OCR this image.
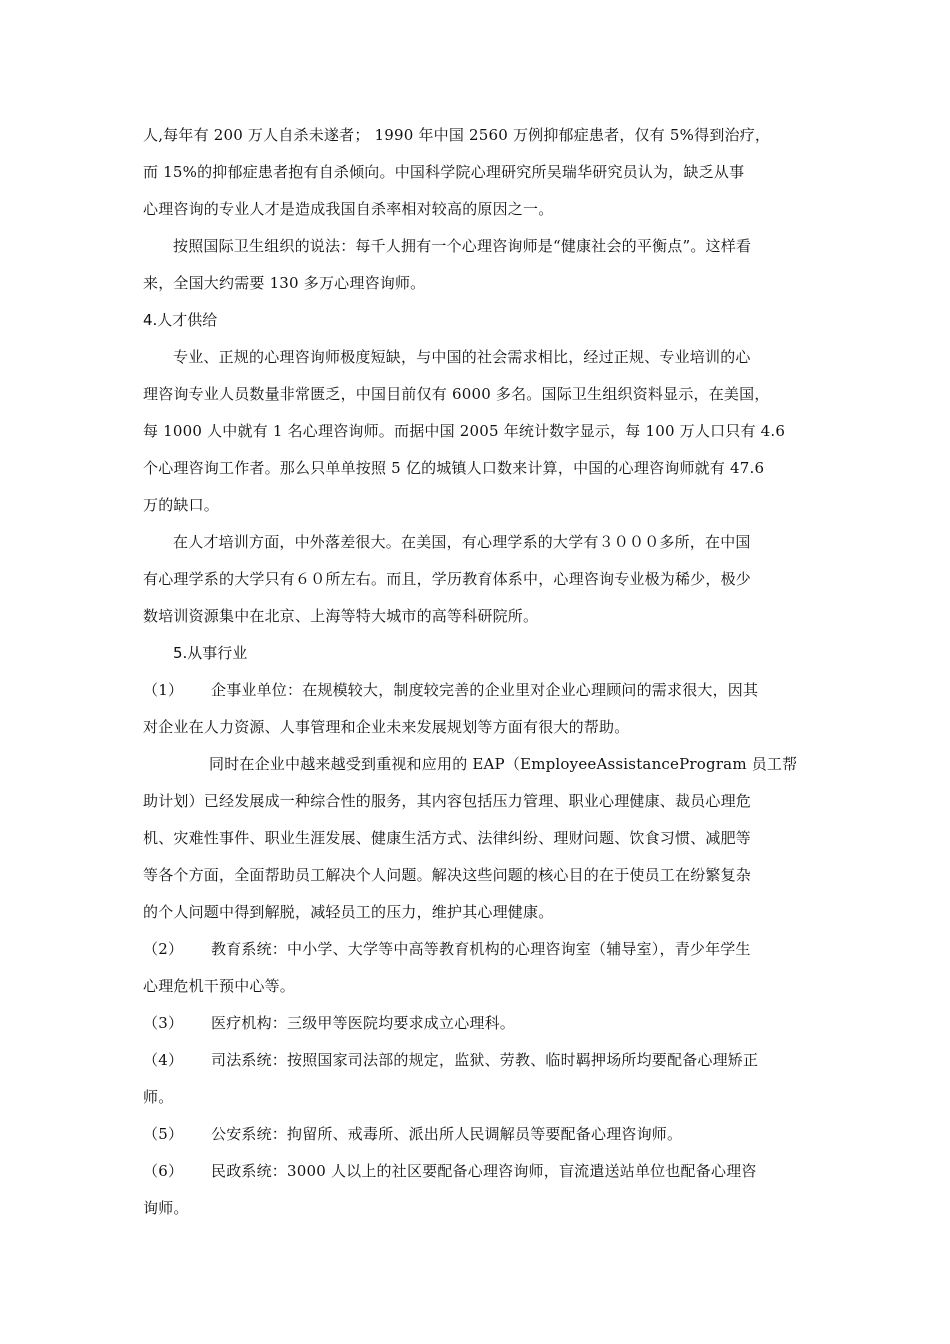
人,每年有 200 万人自杀未遂者； 1990 年中国 2560 万例抑郁症患者，仅有 5%得到治疗，
而 15%的抑郁症患者抱有自杀倾向。中国科学院心理研究所吴瑞华研究员认为，缺乏从事
心理咨询的专业人才是造成我国自杀率相对较高的原因之一。
按照国际卫生组织的说法：每千人拥有一个心理咨询师是“健康社会的平衡点”。这样看
来，全国大约需要 130 多万心理咨询师。
4.人才供给
专业、正规的心理咨询师极度短缺，与中国的社会需求相比，经过正规、专业培训的心
理咨询专业人员数量非常匮乏，中国目前仅有 6000 多名。国际卫生组织资料显示，在美国，
每 1000 人中就有 1 名心理咨询师。而据中国 2005 年统计数字显示，每 100 万人口只有 4.6
个心理咨询工作者。那么只单单按照 5 亿的城镇人口数来计算，中国的心理咨询师就有 47.6
万的缺口。
在人才培训方面，中外落差很大。在美国，有心理学系的大学有３０００多所，在中国
有心理学系的大学只有６０所左右。而且，学历教育体系中，心理咨询专业极为稀少，极少
数培训资源集中在北京、上海等特大城市的高等科研院所。
5.从事行业
（1）	企事业单位：在规模较大，制度较完善的企业里对企业心理顾问的需求很大，因其
对企业在人力资源、人事管理和企业未来发展规划等方面有很大的帮助。
同时在企业中越来越受到重视和应用的 EAP（EmployeeAssistanceProgram 员工帮
助计划）已经发展成一种综合性的服务，其内容包括压力管理、职业心理健康、裁员心理危
机、灾难性事件、职业生涯发展、健康生活方式、法律纠纷、理财问题、饮食习惯、减肥等
等各个方面，全面帮助员工解决个人问题。解决这些问题的核心目的在于使员工在纷繁复杂
的个人问题中得到解脱，减轻员工的压力，维护其心理健康。
（2）	教育系统：中小学、大学等中高等教育机构的心理咨询室（辅导室），青少年学生
心理危机干预中心等。
（3）	医疗机构：三级甲等医院均要求成立心理科。
（4）	司法系统：按照国家司法部的规定，监狱、劳教、临时羁押场所均要配备心理矫正
师。
（5）	公安系统：拘留所、戒毒所、派出所人民调解员等要配备心理咨询师。
（6）	民政系统：3000 人以上的社区要配备心理咨询师，盲流遣送站单位也配备心理咨
询师。
